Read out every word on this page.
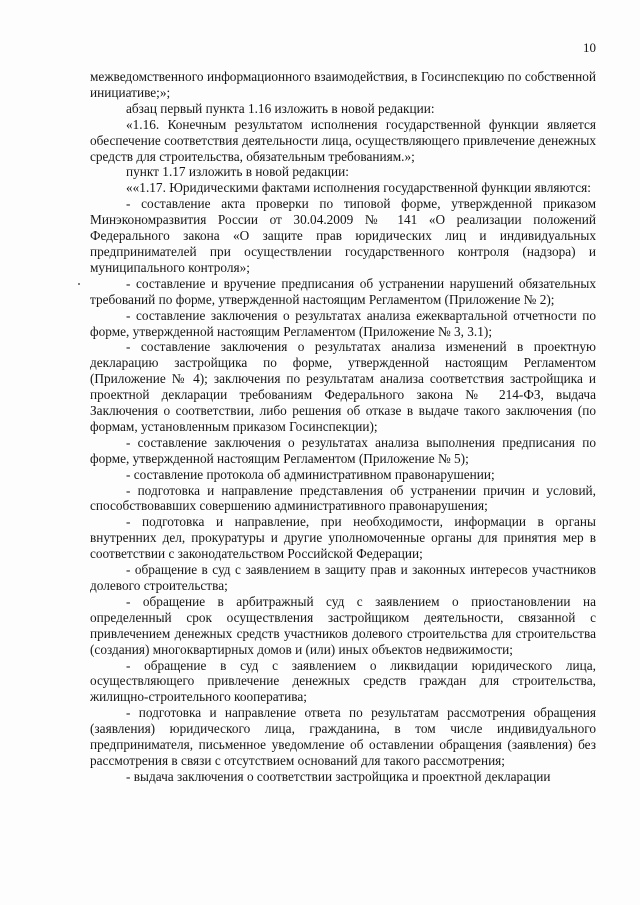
10

межведомственного информационного взаимодействия, в Госинспекцию по собственной инициативе;»;

абзац первый пункта 1.16 изложить в новой редакции:

«1.16. Конечным результатом исполнения государственной функции является обеспечение соответствия деятельности лица, осуществляющего привлечение денежных средств для строительства, обязательным требованиям.»;

пункт 1.17 изложить в новой редакции:

««1.17. Юридическими фактами исполнения государственной функции являются:

- составление акта проверки по типовой форме, утвержденной приказом Минэкономразвития России от 30.04.2009 № 141 «О реализации положений Федерального закона «О защите прав юридических лиц и индивидуальных предпринимателей при осуществлении государственного контроля (надзора) и муниципального контроля»;

- составление и вручение предписания об устранении нарушений обязательных требований по форме, утвержденной настоящим Регламентом (Приложение № 2);

- составление заключения о результатах анализа ежеквартальной отчетности по форме, утвержденной настоящим Регламентом (Приложение № 3, 3.1);

- составление заключения о результатах анализа изменений в проектную декларацию застройщика по форме, утвержденной настоящим Регламентом (Приложение № 4); заключения по результатам анализа соответствия застройщика и проектной декларации требованиям Федерального закона № 214-ФЗ, выдача Заключения о соответствии, либо решения об отказе в выдаче такого заключения (по формам, установленным приказом Госинспекции);

- составление заключения о результатах анализа выполнения предписания по форме, утвержденной настоящим Регламентом (Приложение № 5);

- составление протокола об административном правонарушении;

- подготовка и направление представления об устранении причин и условий, способствовавших совершению административного правонарушения;

- подготовка и направление, при необходимости, информации в органы внутренних дел, прокуратуры и другие уполномоченные органы для принятия мер в соответствии с законодательством Российской Федерации;

- обращение в суд с заявлением в защиту прав и законных интересов участников долевого строительства;

- обращение в арбитражный суд с заявлением о приостановлении на определенный срок осуществления застройщиком деятельности, связанной с привлечением денежных средств участников долевого строительства для строительства (создания) многоквартирных домов и (или) иных объектов недвижимости;

- обращение в суд с заявлением о ликвидации юридического лица, осуществляющего привлечение денежных средств граждан для строительства, жилищно-строительного кооператива;

- подготовка и направление ответа по результатам рассмотрения обращения (заявления) юридического лица, гражданина, в том числе индивидуального предпринимателя, письменное уведомление об оставлении обращения (заявления) без рассмотрения в связи с отсутствием оснований для такого рассмотрения;

- выдача заключения о соответствии застройщика и проектной декларации
